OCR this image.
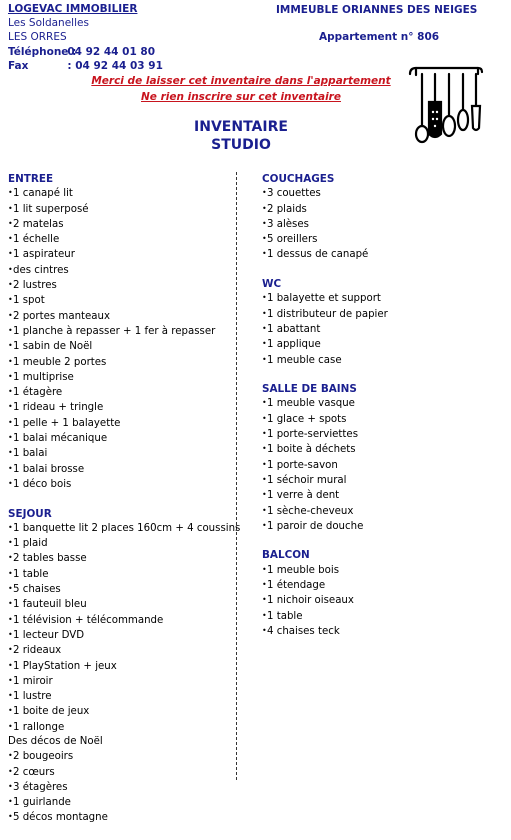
LOGEVAC IMMOBILIER
Les Soldanelles
LES ORRES
Téléphone : 04 92 44 01 80
Fax	: 04 92 44 03 91
IMMEUBLE ORIANNES DES NEIGES
Appartement n° 806
Merci de laisser cet inventaire dans l'appartement
Ne rien inscrire sur cet inventaire
INVENTAIRE
STUDIO
ENTREE
•1 canapé lit
•1 lit superposé
•2 matelas
•1 échelle
•1 aspirateur
•des cintres
•2 lustres
•1 spot
•2 portes manteaux
•1 planche à repasser + 1 fer à repasser
•1 sabin de Noël
•1 meuble 2 portes
•1 multiprise
•1 étagère
•1 rideau + tringle
•1 pelle + 1 balayette
•1 balai mécanique
•1 balai
•1 balai brosse
•1 déco bois
SEJOUR
•1 banquette lit 2 places 160cm + 4 coussins
•1 plaid
•2 tables basse
•1 table
•5 chaises
•1 fauteuil bleu
•1 télévision + télécommande
•1 lecteur DVD
•2 rideaux
•1 PlayStation + jeux
•1 miroir
•1 lustre
•1 boite de jeux
•1 rallonge
Des décos de Noël
•2 bougeoirs
•2 cœurs
•3 étagères
•1 guirlande
•5 décos montagne
COUCHAGES
•3 couettes
•2 plaids
•3 alèses
•5 oreillers
•1 dessus de canapé
WC
•1 balayette et support
•1 distributeur de papier
•1 abattant
•1 applique
•1 meuble case
SALLE DE BAINS
•1 meuble vasque
•1 glace + spots
•1 porte-serviettes
•1 boite à déchets
•1 porte-savon
•1 séchoir mural
•1 verre à dent
•1 sèche-cheveux
•1 paroir de douche
BALCON
•1 meuble bois
•1 étendage
•1 nichoir oiseaux
•1 table
•4 chaises teck
